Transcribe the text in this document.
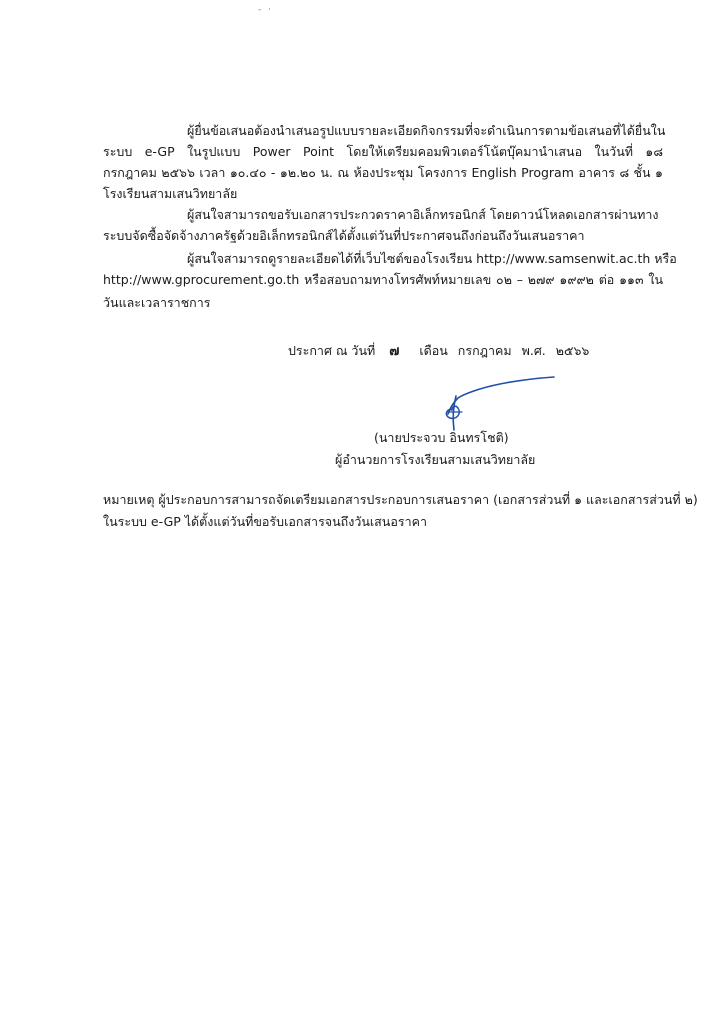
- ·
ผู้ยื่นข้อเสนอต้องนำเสนอรูปแบบรายละเอียดกิจกรรมที่จะดำเนินการตามข้อเสนอที่ได้ยื่นใน
ระบบ e-GP ในรูปแบบ Power Point โดยให้เตรียมคอมพิวเตอร์โน้ตบุ๊คมานำเสนอ ในวันที่ ๑๘
กรกฎาคม ๒๕๖๖ เวลา ๑๐.๔๐ - ๑๒.๒๐ น. ณ ห้องประชุม โครงการ English Program อาคาร ๘ ชั้น ๑
โรงเรียนสามเสนวิทยาลัย
ผู้สนใจสามารถขอรับเอกสารประกวดราคาอิเล็กทรอนิกส์ โดยดาวน์โหลดเอกสารผ่านทาง
ระบบจัดซื้อจัดจ้างภาครัฐด้วยอิเล็กทรอนิกส์ได้ตั้งแต่วันที่ประกาศจนถึงก่อนถึงวันเสนอราคา
ผู้สนใจสามารถดูรายละเอียดได้ที่เว็บไซต์ของโรงเรียน http://www.samsenwit.ac.th หรือ
http://www.gprocurement.go.th หรือสอบถามทางโทรศัพท์หมายเลข ๐๒ – ๒๗๙ ๑๙๙๒ ต่อ ๑๑๓ ใน
วันและเวลาราชการ
ประกาศ ณ วันที่ ๗ เดือน กรกฎาคม พ.ศ. ๒๕๖๖
(นายประจวบ อินทรโชติ)
ผู้อำนวยการโรงเรียนสามเสนวิทยาลัย
หมายเหตุ ผู้ประกอบการสามารถจัดเตรียมเอกสารประกอบการเสนอราคา (เอกสารส่วนที่ ๑ และเอกสารส่วนที่ ๒)
ในระบบ e-GP ได้ตั้งแต่วันที่ขอรับเอกสารจนถึงวันเสนอราคา
